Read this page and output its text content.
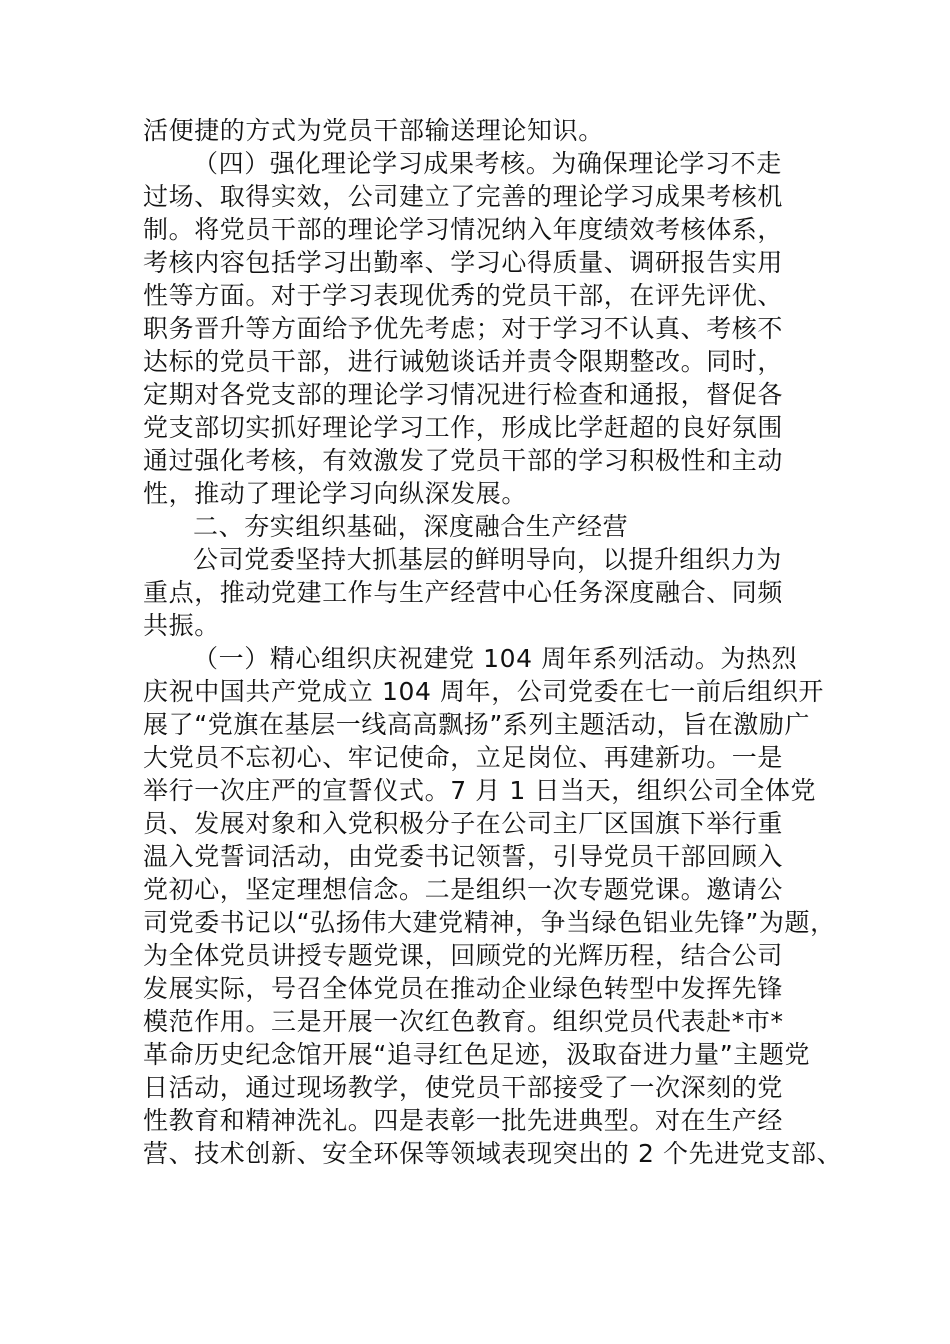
活便捷的方式为党员干部输送理论知识。
（四）强化理论学习成果考核。为确保理论学习不走
过场、取得实效，公司建立了完善的理论学习成果考核机
制。将党员干部的理论学习情况纳入年度绩效考核体系，
考核内容包括学习出勤率、学习心得质量、调研报告实用
性等方面。对于学习表现优秀的党员干部，在评先评优、
职务晋升等方面给予优先考虑；对于学习不认真、考核不
达标的党员干部，进行诫勉谈话并责令限期整改。同时，
定期对各党支部的理论学习情况进行检查和通报，督促各
党支部切实抓好理论学习工作，形成比学赶超的良好氛围
通过强化考核，有效激发了党员干部的学习积极性和主动
性，推动了理论学习向纵深发展。
二、夯实组织基础，深度融合生产经营
公司党委坚持大抓基层的鲜明导向，以提升组织力为
重点，推动党建工作与生产经营中心任务深度融合、同频
共振。
（一）精心组织庆祝建党 104 周年系列活动。为热烈
庆祝中国共产党成立 104 周年，公司党委在七一前后组织开
展了“党旗在基层一线高高飘扬”系列主题活动，旨在激励广
大党员不忘初心、牢记使命，立足岗位、再建新功。一是
举行一次庄严的宣誓仪式。7 月 1 日当天，组织公司全体党
员、发展对象和入党积极分子在公司主厂区国旗下举行重
温入党誓词活动，由党委书记领誓，引导党员干部回顾入
党初心，坚定理想信念。二是组织一次专题党课。邀请公
司党委书记以“弘扬伟大建党精神，争当绿色铝业先锋”为题，
为全体党员讲授专题党课，回顾党的光辉历程，结合公司
发展实际，号召全体党员在推动企业绿色转型中发挥先锋
模范作用。三是开展一次红色教育。组织党员代表赴*市*
革命历史纪念馆开展“追寻红色足迹，汲取奋进力量”主题党
日活动，通过现场教学，使党员干部接受了一次深刻的党
性教育和精神洗礼。四是表彰一批先进典型。对在生产经
营、技术创新、安全环保等领域表现突出的 2 个先进党支部、
